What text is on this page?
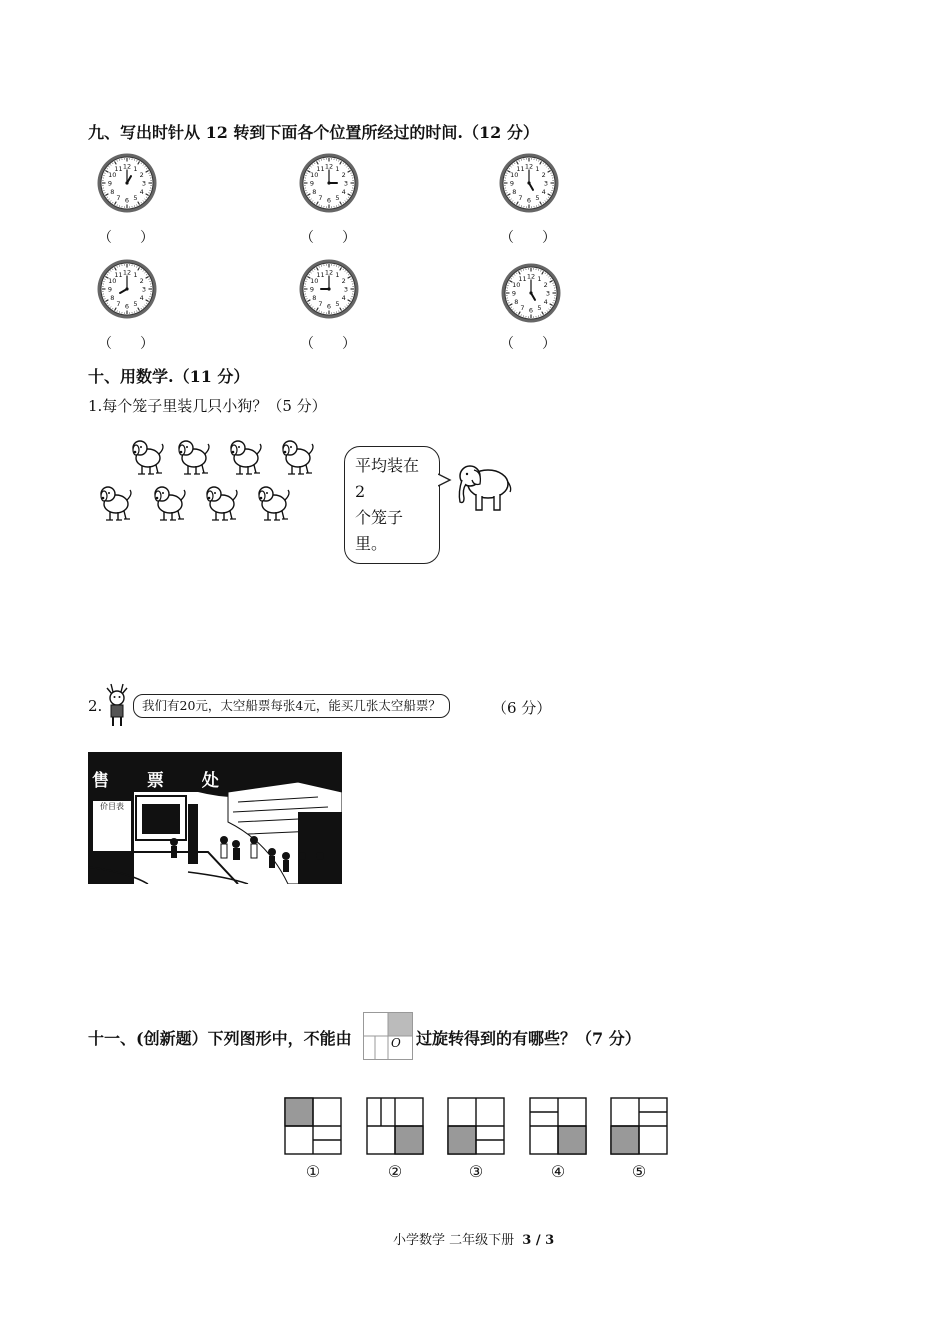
九、写出时针从 12 转到下面各个位置所经过的时间.（12 分）
1
2
3
4
5
6
7
8
9
10
11 12	1
2
3
4
5
6
7
8
9
10
11 12	1
2
3
4
5
6
7
8
9
10
11 12
1
2
3
4
5
6
7
8
9
10
11 12	1
2
3
4
5
6
7
8
9
10
11 12
1
2
3
4
5
6
7
8
9
10
11 12
（　　）	（　　）	（　　）
（　　）	（　　）	（　　）
十、用数学.（11 分）
1.每个笼子里装几只小狗？（5 分）
平均装在2
个笼子里。
2.	我们有20元，太空船票每张4元，能买几张太空船票？	（6 分）
售 票 处
价目表
十一、(创新题）下列图形中，不能由	O 过旋转得到的有哪些？（7 分）
①	②	③	④	⑤
小学数学 二年级下册 3 / 3
